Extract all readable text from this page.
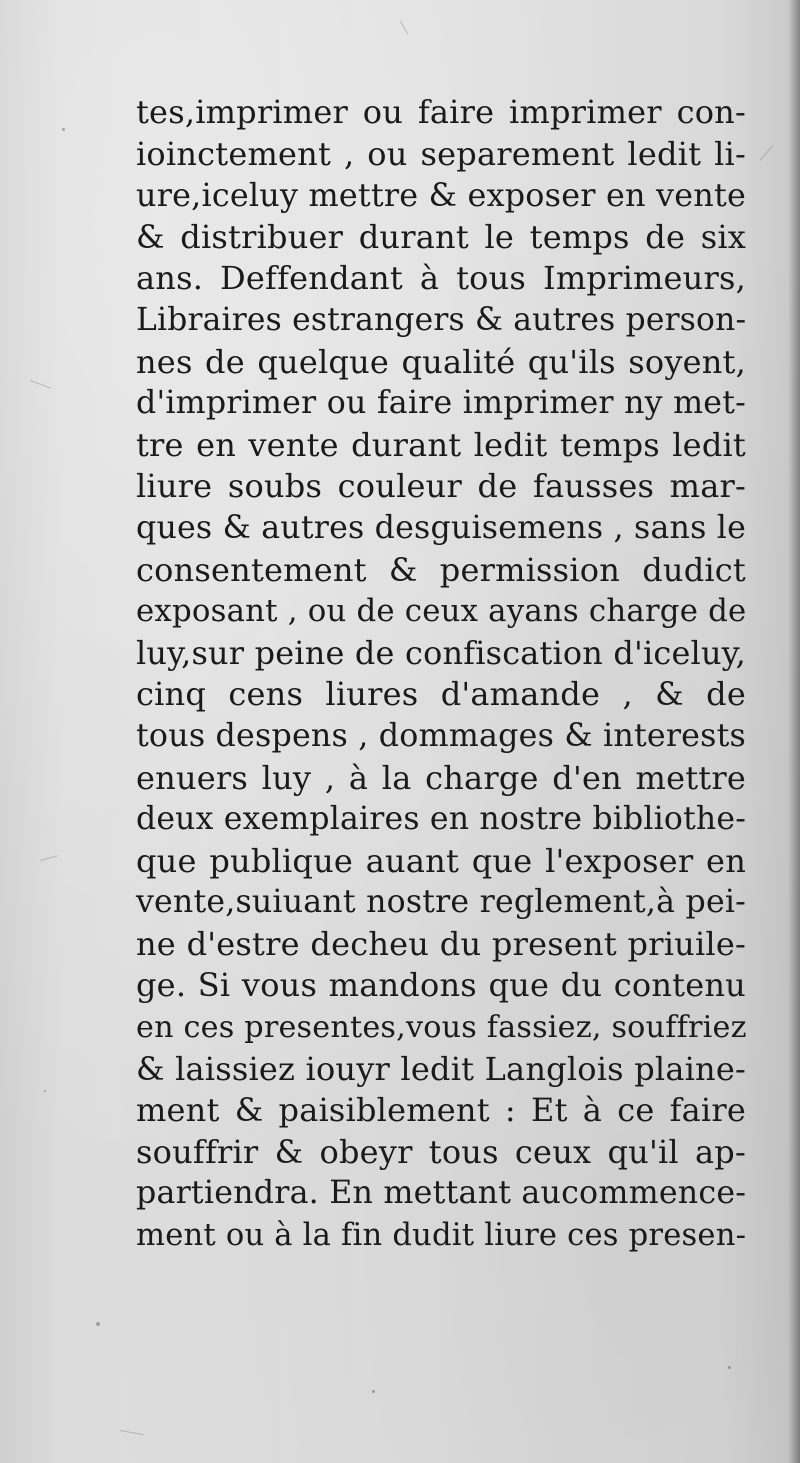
tes,imprimer ou faire imprimer con-
ioinctement , ou separement ledit li-
ure,iceluy mettre & exposer en vente
& distribuer durant le temps de six
ans. Deffendant à tous Imprimeurs,
Libraires estrangers & autres person-
nes de quelque qualité qu'ils soyent,
d'imprimer ou faire imprimer ny met-
tre en vente durant ledit temps ledit
liure soubs couleur de fausses mar-
ques & autres desguisemens , sans le
consentement & permission dudict
exposant , ou de ceux ayans charge de
luy,sur peine de confiscation d'iceluy,
cinq cens liures d'amande , & de
tous despens , dommages & interests
enuers luy , à la charge d'en mettre
deux exemplaires en nostre bibliothe-
que publique auant que l'exposer en
vente,suiuant nostre reglement,à pei-
ne d'estre decheu du present priuile-
ge. Si vous mandons que du contenu
en ces presentes,vous fassiez, souffriez
& laissiez iouyr ledit Langlois plaine-
ment & paisiblement : Et à ce faire
souffrir & obeyr tous ceux qu'il ap-
partiendra. En mettant aucommence-
ment ou à la fin dudit liure ces presen-
